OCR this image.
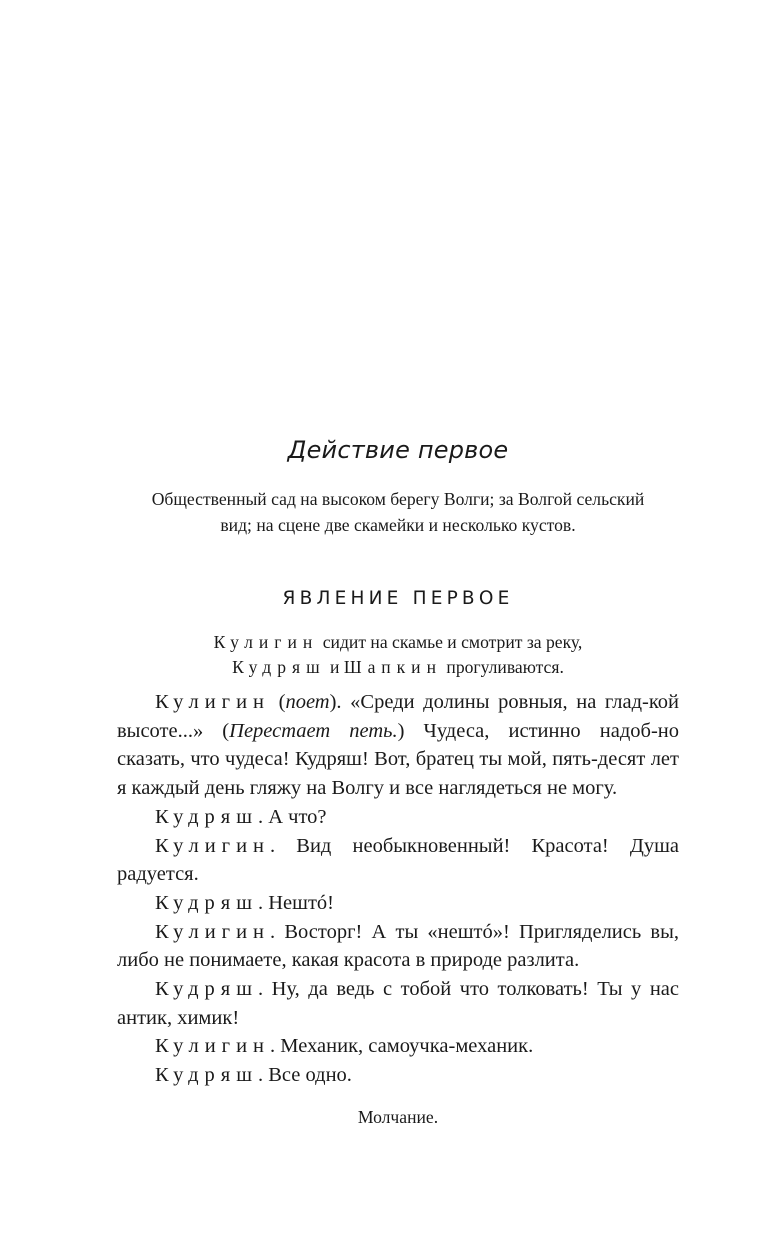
Действие первое

Общественный сад на высоком берегу Волги; за Волгой сельский
вид; на сцене две скамейки и несколько кустов.

ЯВЛЕНИЕ ПЕРВОЕ

Кулигин сидит на скамье и смотрит за реку,
Кудряш и Шапкин прогуливаются.

Кулигин (поет). «Среди долины ровныя, на глад-кой высоте...» (Перестает петь.) Чудеса, истинно надоб-но сказать, что чудеса! Кудряш! Вот, братец ты мой, пять-десят лет я каждый день гляжу на Волгу и все наглядеться не могу.

Кудряш. А что?

Кулигин. Вид необыкновенный! Красота! Душа радуется.

Кудряш. Нештó!

Кулигин. Восторг! А ты «нештó»! Пригляделись вы, либо не понимаете, какая красота в природе разлита.

Кудряш. Ну, да ведь с тобой что толковать! Ты у нас антик, химик!

Кулигин. Механик, самоучка-механик.

Кудряш. Все одно.

Молчание.
